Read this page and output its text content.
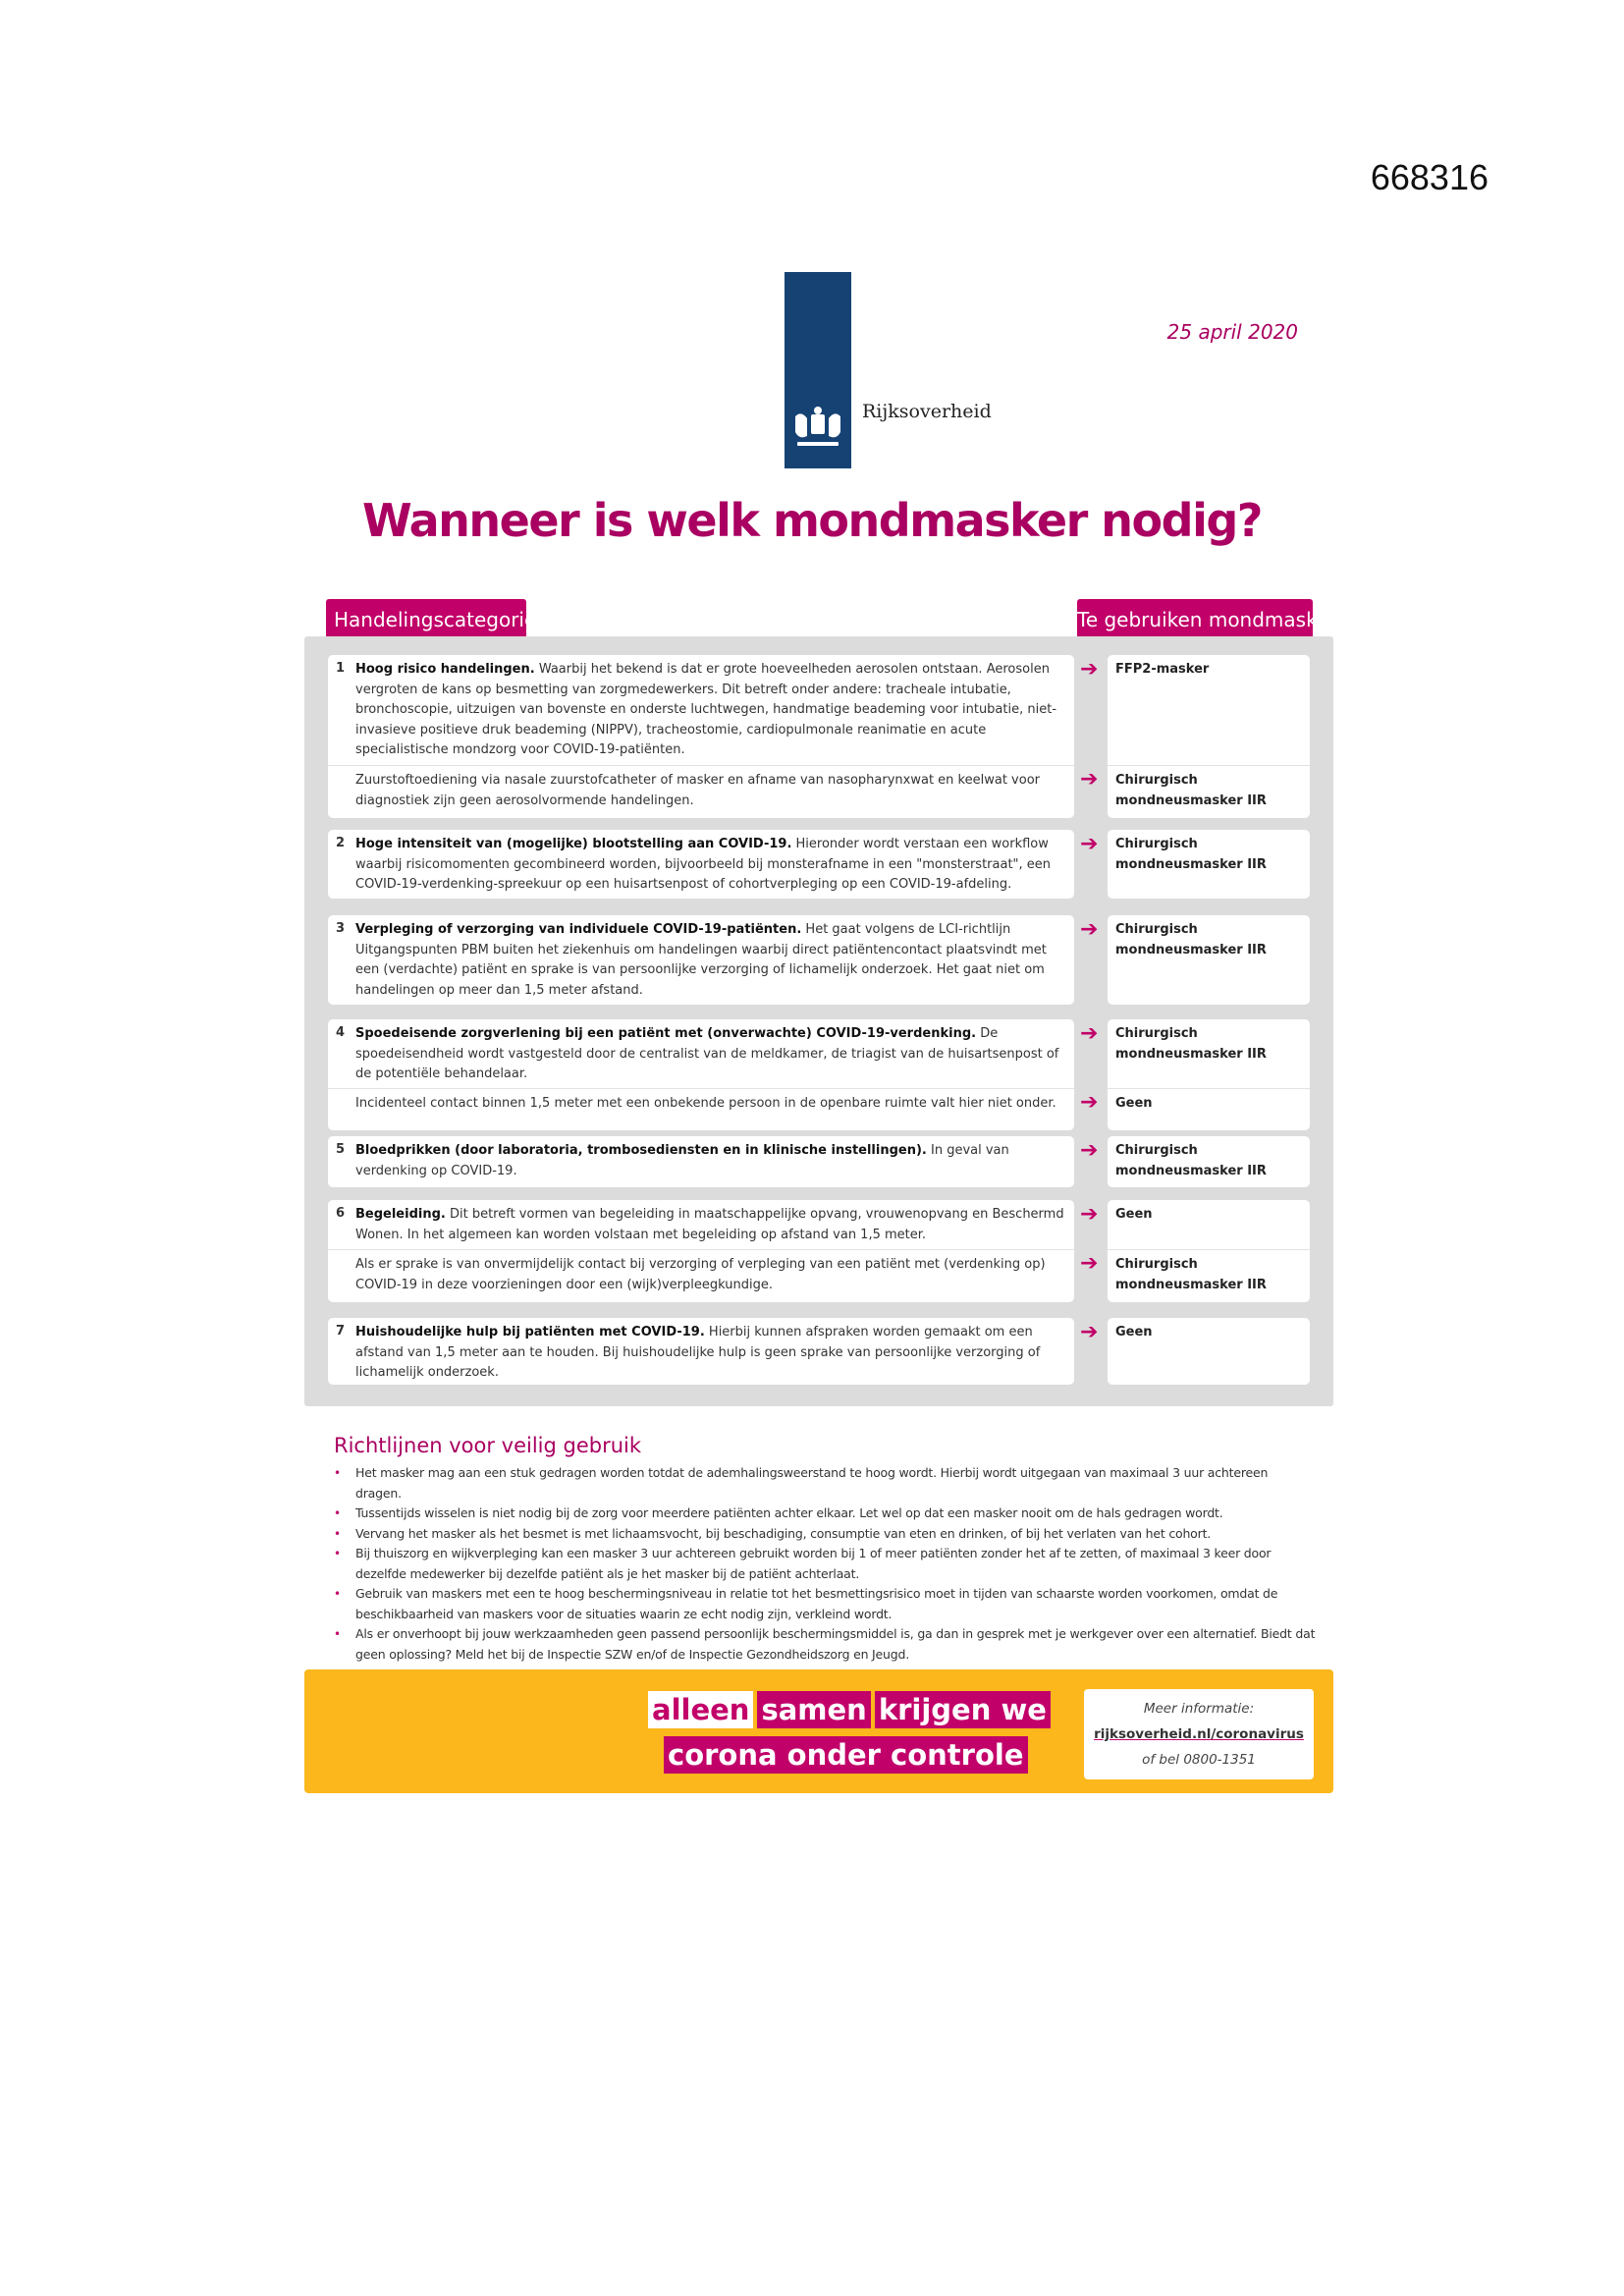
668316
Rijksoverheid
25 april 2020
Wanneer is welk mondmasker nodig?
Handelingscategorie	Te gebruiken mondmasker
➔
➔
1 Hoog risico handelingen. Waarbij het bekend is dat er grote hoeveelheden aerosolen ontstaan. Aerosolen vergroten de kans op besmetting van zorgmedewerkers. Dit betreft onder andere: tracheale intubatie, bronchoscopie, uitzuigen van bovenste en onderste luchtwegen, handmatige beademing voor intubatie, niet-invasieve positieve druk beademing (NIPPV), tracheostomie, cardiopulmonale reanimatie en acute specialistische mondzorg voor COVID-19-patiënten.
Zuurstoftoediening via nasale zuurstofcatheter of masker en afname van nasopharynxwat en keelwat voor diagnostiek zijn geen aerosolvormende handelingen.
FFP2-masker
Chirurgisch mondneusmasker IIR
➔
2 Hoge intensiteit van (mogelijke) blootstelling aan COVID-19. Hieronder wordt verstaan een workflow waarbij risicomomenten gecombineerd worden, bijvoorbeeld bij monsterafname in een "monsterstraat", een COVID-19-verdenking-spreekuur op een huisartsenpost of cohortverpleging op een COVID-19-afdeling.
Chirurgisch mondneusmasker IIR
➔
3 Verpleging of verzorging van individuele COVID-19-patiënten. Het gaat volgens de LCI-richtlijn Uitgangspunten PBM buiten het ziekenhuis om handelingen waarbij direct patiëntencontact plaatsvindt met een (verdachte) patiënt en sprake is van persoonlijke verzorging of lichamelijk onderzoek. Het gaat niet om handelingen op meer dan 1,5 meter afstand.
Chirurgisch mondneusmasker IIR
➔
➔
4 Spoedeisende zorgverlening bij een patiënt met (onverwachte) COVID-19-verdenking. De spoedeisendheid wordt vastgesteld door de centralist van de meldkamer, de triagist van de huisartsenpost of de potentiële behandelaar.
Incidenteel contact binnen 1,5 meter met een onbekende persoon in de openbare ruimte valt hier niet onder.
Chirurgisch mondneusmasker IIR
Geen
➔
5 Bloedprikken (door laboratoria, trombosediensten en in klinische instellingen). In geval van verdenking op COVID-19.
Chirurgisch mondneusmasker IIR
➔
➔
6 Begeleiding. Dit betreft vormen van begeleiding in maatschappelijke opvang, vrouwenopvang en Beschermd Wonen. In het algemeen kan worden volstaan met begeleiding op afstand van 1,5 meter.
Als er sprake is van onvermijdelijk contact bij verzorging of verpleging van een patiënt met (verdenking op) COVID-19 in deze voorzieningen door een (wijk)verpleegkundige.
Geen
Chirurgisch mondneusmasker IIR
➔
7 Huishoudelijke hulp bij patiënten met COVID-19. Hierbij kunnen afspraken worden gemaakt om een afstand van 1,5 meter aan te houden. Bij huishoudelijke hulp is geen sprake van persoonlijke verzorging of lichamelijk onderzoek.
Geen
Richtlijnen voor veilig gebruik
• Het masker mag aan een stuk gedragen worden totdat de ademhalingsweerstand te hoog wordt. Hierbij wordt uitgegaan van maximaal 3 uur achtereen dragen.
• Tussentijds wisselen is niet nodig bij de zorg voor meerdere patiënten achter elkaar. Let wel op dat een masker nooit om de hals gedragen wordt.
• Vervang het masker als het besmet is met lichaamsvocht, bij beschadiging, consumptie van eten en drinken, of bij het verlaten van het cohort.
• Bij thuiszorg en wijkverpleging kan een masker 3 uur achtereen gebruikt worden bij 1 of meer patiënten zonder het af te zetten, of maximaal 3 keer door dezelfde medewerker bij dezelfde patiënt als je het masker bij de patiënt achterlaat.
• Gebruik van maskers met een te hoog beschermingsniveau in relatie tot het besmettingsrisico moet in tijden van schaarste worden voorkomen, omdat de beschikbaarheid van maskers voor de situaties waarin ze echt nodig zijn, verkleind wordt.
• Als er onverhoopt bij jouw werkzaamheden geen passend persoonlijk beschermingsmiddel is, ga dan in gesprek met je werkgever over een alternatief. Biedt dat geen oplossing? Meld het bij de Inspectie SZW en/of de Inspectie Gezondheidszorg en Jeugd.
alleen samen krijgen we
corona onder controle
Meer informatie:
rijksoverheid.nl/coronavirus
of bel 0800-1351
